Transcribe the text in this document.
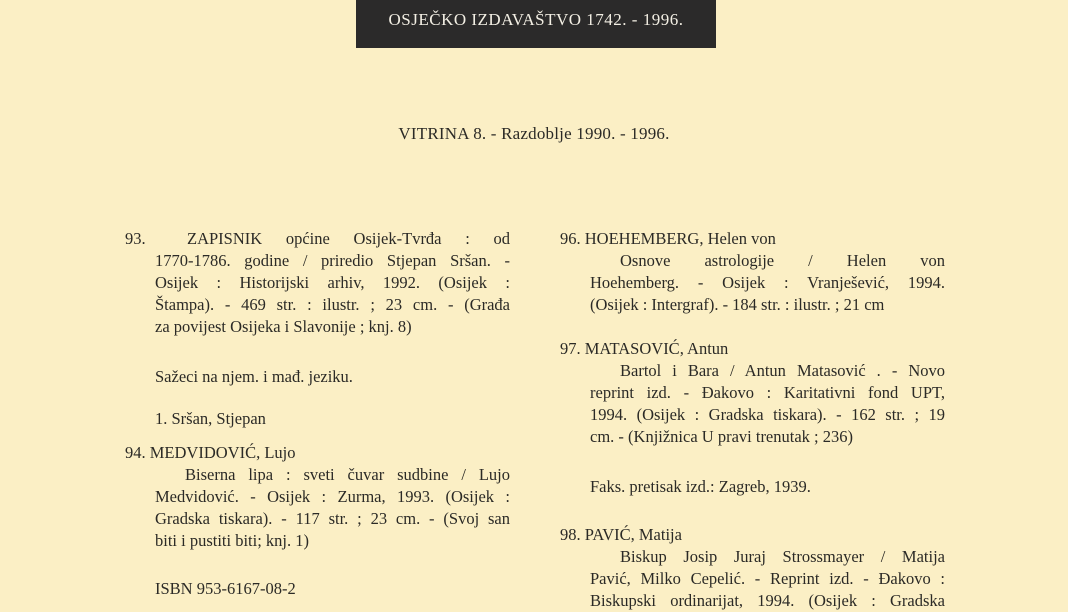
OSJEČKO IZDAVAŠTVO 1742. - 1996.
VITRINA 8. - Razdoblje 1990. - 1996.
93.	ZAPISNIK općine Osijek-Tvrđa : od
1770-1786. godine / priredio Stjepan Sršan. -
Osijek : Historijski arhiv, 1992. (Osijek :
Štampa). - 469 str. : ilustr. ; 23 cm. - (Građa
za povijest Osijeka i Slavonije ; knj. 8)
Sažeci na njem. i mađ. jeziku.
1. Sršan, Stjepan
94. MEDVIDOVIĆ, Lujo
Biserna lipa : sveti čuvar sudbine / Lujo
Medvidović. - Osijek : Zurma, 1993. (Osijek :
Gradska tiskara). - 117 str. ; 23 cm. - (Svoj san
biti i pustiti biti; knj. 1)
ISBN 953-6167-08-2
96. HOEHEMBERG, Helen von
Osnove astrologije / Helen von
Hoehemberg. - Osijek : Vranješević, 1994.
(Osijek : Intergraf). - 184 str. : ilustr. ; 21 cm
97. MATASOVIĆ, Antun
Bartol i Bara / Antun Matasović . - Novo
reprint izd. - Đakovo : Karitativni fond UPT,
1994. (Osijek : Gradska tiskara). - 162 str. ; 19
cm. - (Knjižnica U pravi trenutak ; 236)
Faks. pretisak izd.: Zagreb, 1939.
98. PAVIĆ, Matija
Biskup Josip Juraj Strossmayer / Matija
Pavić, Milko Cepelić. - Reprint izd. - Đakovo :
Biskupski ordinarijat, 1994. (Osijek : Gradska
